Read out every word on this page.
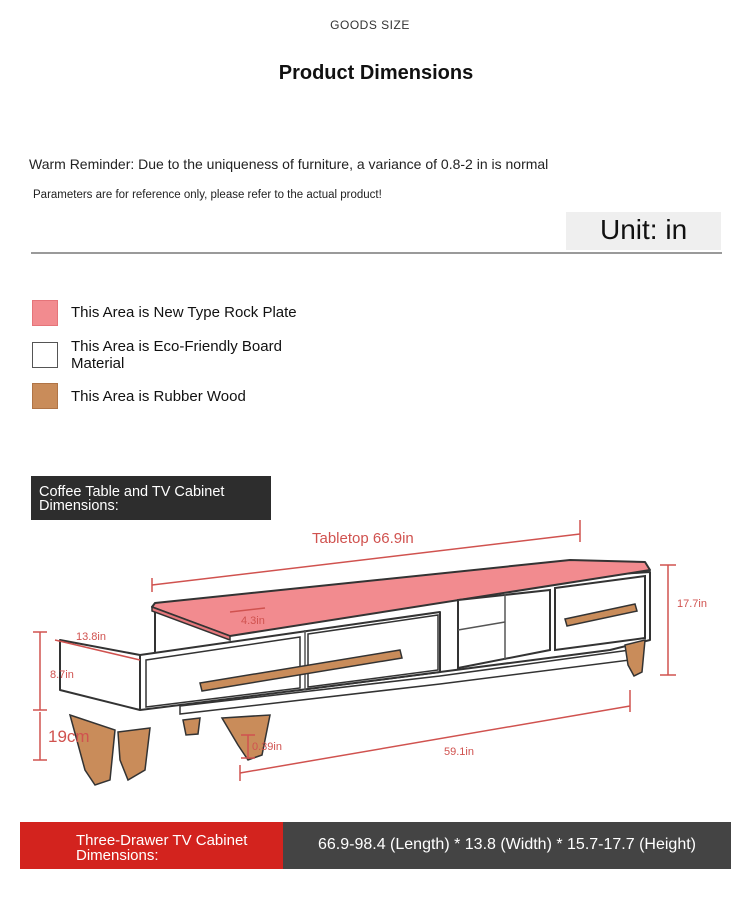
GOODS SIZE
Product Dimensions
Warm Reminder: Due to the uniqueness of furniture, a variance of 0.8-2 in is normal
Parameters are for reference only, please refer to the actual product!
Unit: in
This Area is New Type Rock Plate
This Area is Eco-Friendly Board Material
This Area is Rubber Wood
Coffee Table and TV Cabinet Dimensions:
Tabletop 66.9in
17.7in
4.3in
13.8in
8.7in
19cm
0.39in	59.1in
Three-Drawer TV Cabinet Dimensions:
66.9-98.4 (Length) * 13.8 (Width) * 15.7-17.7 (Height)
